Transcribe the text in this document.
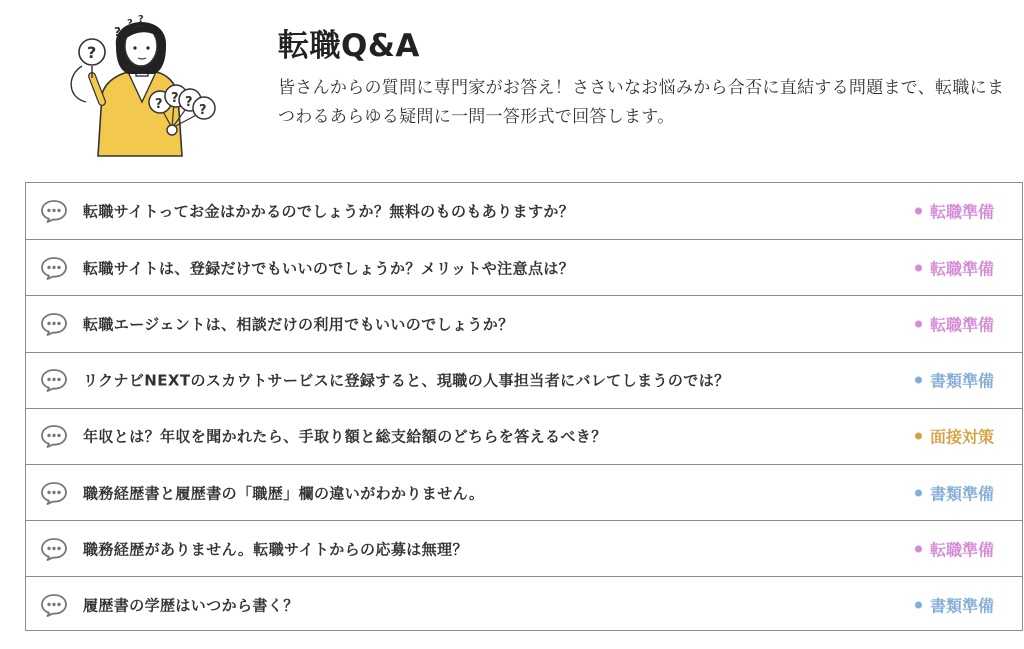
?
? ?
?
? ? ?
?
転職Q&A

皆さんからの質問に専門家がお答え！ささいなお悩みから合否に直結する問題まで、転職にまつわるあらゆる疑問に一問一答形式で回答します。

転職サイトってお金はかかるのでしょうか？無料のものもありますか？	転職準備
転職サイトは、登録だけでもいいのでしょうか？メリットや注意点は？	転職準備
転職エージェントは、相談だけの利用でもいいのでしょうか？	転職準備
リクナビNEXTのスカウトサービスに登録すると、現職の人事担当者にバレてしまうのでは？	書類準備
年収とは？年収を聞かれたら、手取り額と総支給額のどちらを答えるべき？	面接対策
職務経歴書と履歴書の「職歴」欄の違いがわかりません。	書類準備
職務経歴がありません。転職サイトからの応募は無理？	転職準備
履歴書の学歴はいつから書く？	書類準備
